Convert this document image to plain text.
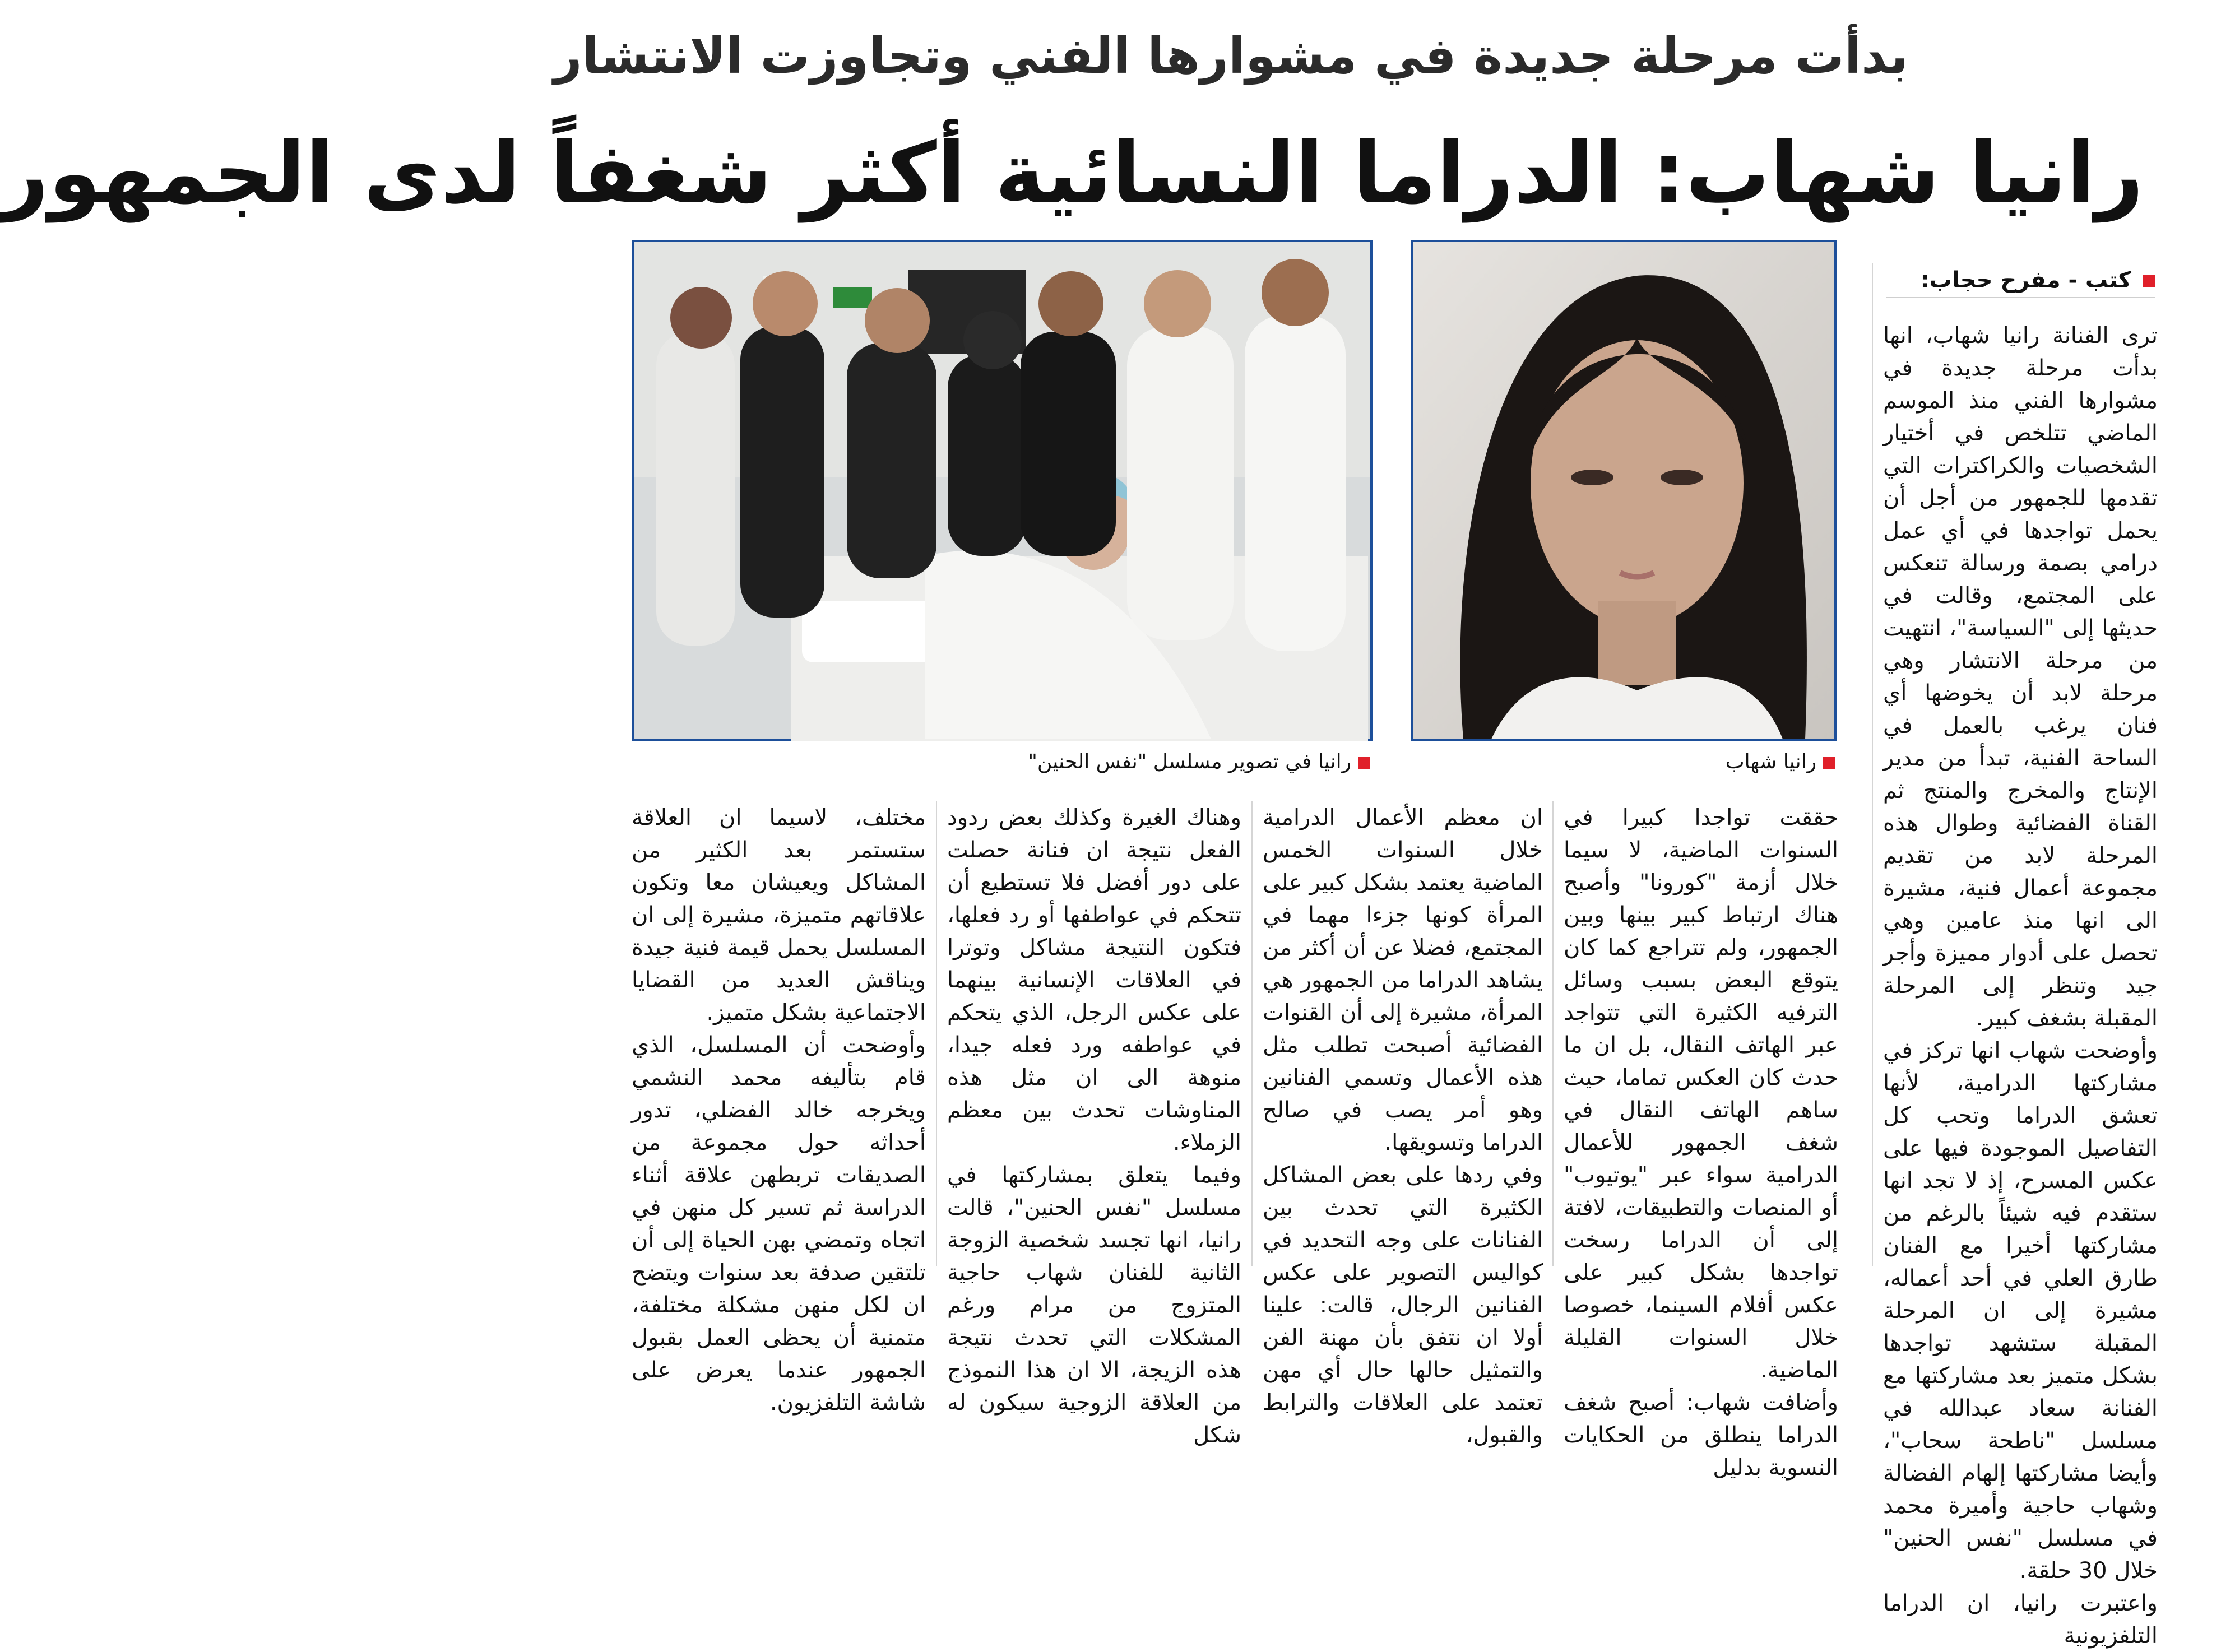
بدأت مرحلة جديدة في مشوارها الفني وتجاوزت الانتشار
رانيا شهاب: الدراما النسائية أكثر شغفاً لدى الجمهور
كتب - مفرح حجاب:

ترى الفنانة رانيا شهاب، انها بدأت مرحلة جديدة في مشوارها الفني منذ الموسم الماضي تتلخص في أختيار الشخصيات والكراكترات التي تقدمها للجمهور من أجل أن يحمل تواجدها في أي عمل درامي بصمة ورسالة تنعكس على المجتمع، وقالت في حديثها إلى "السياسة"، انتهيت من مرحلة الانتشار وهي مرحلة لابد أن يخوضها أي فنان يرغب بالعمل في الساحة الفنية، تبدأ من مدير الإنتاج والمخرج والمنتج ثم القناة الفضائية وطوال هذه المرحلة لابد من تقديم مجموعة أعمال فنية، مشيرة الى انها منذ عامين وهي تحصل على أدوار مميزة وأجر جيد وتنظر إلى المرحلة المقبلة بشغف كبير.

وأوضحت شهاب انها تركز في مشاركتها الدرامية، لأنها تعشق الدراما وتحب كل التفاصيل الموجودة فيها على عكس المسرح، إذ لا تجد انها ستقدم فيه شيئاً بالرغم من مشاركتها أخيرا مع الفنان طارق العلي في أحد أعماله، مشيرة إلى ان المرحلة المقبلة ستشهد تواجدها بشكل متميز بعد مشاركتها مع الفنانة سعاد عبدالله في مسلسل "ناطحة سحاب"، وأيضا مشاركتها إلهام الفضالة وشهاب حاجية وأميرة محمد في مسلسل "نفس الحنين" خلال 30 حلقة.

واعتبرت رانيا، ان الدراما التلفزيونية

رانيا شهاب
رانيا في تصوير مسلسل "نفس الحنين"

حققت تواجدا كبيرا في السنوات الماضية، لا سيما خلال أزمة "كورونا" وأصبح هناك ارتباط كبير بينها وبين الجمهور، ولم تتراجع كما كان يتوقع البعض بسبب وسائل الترفيه الكثيرة التي تتواجد عبر الهاتف النقال، بل ان ما حدث كان العكس تماما، حيث ساهم الهاتف النقال في شغف الجمهور للأعمال الدرامية سواء عبر "يوتيوب" أو المنصات والتطبيقات، لافتة إلى أن الدراما رسخت تواجدها بشكل كبير على عكس أفلام السينما، خصوصا خلال السنوات القليلة الماضية.

وأضافت شهاب: أصبح شغف الدراما ينطلق من الحكايات النسوية بدليل

ان معظم الأعمال الدرامية خلال السنوات الخمس الماضية يعتمد بشكل كبير على المرأة كونها جزءا مهما في المجتمع، فضلا عن أن أكثر من يشاهد الدراما من الجمهور هي المرأة، مشيرة إلى أن القنوات الفضائية أصبحت تطلب مثل هذه الأعمال وتسمي الفنانين وهو أمر يصب في صالح الدراما وتسويقها.

وفي ردها على بعض المشاكل الكثيرة التي تحدث بين الفنانات على وجه التحديد في كواليس التصوير على عكس الفنانين الرجال، قالت: علينا أولا ان نتفق بأن مهنة الفن والتمثيل حالها حال أي مهن تعتمد على العلاقات والترابط والقبول،

وهناك الغيرة وكذلك بعض ردود الفعل نتيجة ان فنانة حصلت على دور أفضل فلا تستطيع أن تتحكم في عواطفها أو رد فعلها، فتكون النتيجة مشاكل وتوترا في العلاقات الإنسانية بينهما على عكس الرجل، الذي يتحكم في عواطفه ورد فعله جيدا، منوهة الى ان مثل هذه المناوشات تحدث بين معظم الزملاء.

وفيما يتعلق بمشاركتها في مسلسل "نفس الحنين"، قالت رانيا، انها تجسد شخصية الزوجة الثانية للفنان شهاب حاجية المتزوج من مرام ورغم المشكلات التي تحدث نتيجة هذه الزيجة، الا ان هذا النموذج من العلاقة الزوجية سيكون له شكل

مختلف، لاسيما ان العلاقة ستستمر بعد الكثير من المشاكل ويعيشان معا وتكون علاقاتهم متميزة، مشيرة إلى ان المسلسل يحمل قيمة فنية جيدة ويناقش العديد من القضايا الاجتماعية بشكل متميز.

وأوضحت أن المسلسل، الذي قام بتأليفه محمد النشمي ويخرجه خالد الفضلي، تدور أحداثه حول مجموعة من الصديقات تربطهن علاقة أثناء الدراسة ثم تسير كل منهن في اتجاه وتمضي بهن الحياة إلى أن تلتقين صدفة بعد سنوات ويتضح ان لكل منهن مشكلة مختلفة، متمنية أن يحظى العمل بقبول الجمهور عندما يعرض على شاشة التلفزيون.
